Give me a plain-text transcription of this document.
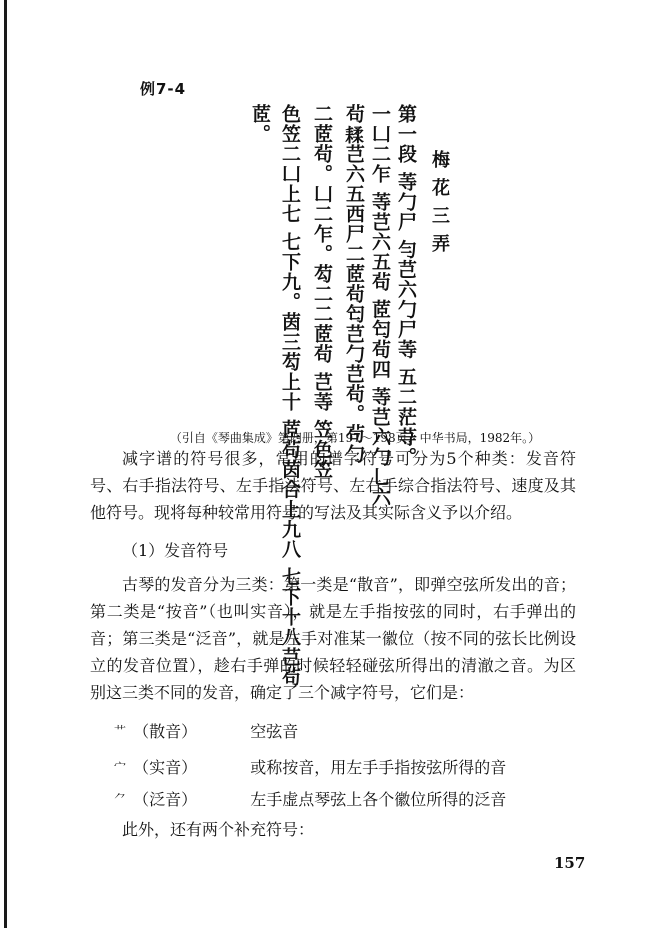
例7-4
梅花三弄
第一段 䓁勹尸 勻芑六勹尸䓁 五二茫䒭。
⼀⼐二乍 䓁芑六五茍 茝匄茍四 䓁芑六勹乚六
茍𦔇芑六五西尸二茝茍匄芑勹芑茍。茍勹
二茝茍。⼐二乍。芶二二茝茍 芑䓁 笠色笠
色笠二⼐上七 七下九。茵三芶上十 茝茍茵合上九八 七下十八芑茍
茝。

（引自《琴曲集成》第四册，第197～198页，中华书局，1982年。）

减字谱的符号很多，常用的谱字符号可分为5个种类：发音符号、右手指法符号、左手指法符号、左右手综合指法符号、速度及其他符号。现将每种较常用符号的写法及其实际含义予以介绍。

（1）发音符号

古琴的发音分为三类：第一类是“散音”，即弹空弦所发出的音；第二类是“按音”（也叫实音），就是左手指按弦的同时，右手弹出的音；第三类是“泛音”，就是左手对准某一徽位（按不同的弦长比例设立的发音位置），趁右手弹的时候轻轻碰弦所得出的清澈之音。为区别这三类不同的发音，确定了三个减字符号，它们是：

艹 （散音）	空弦音
⼧ （实音）	或称按音，用左手手指按弦所得的音
⺈ （泛音）	左手虚点琴弦上各个徽位所得的泛音

此外，还有两个补充符号：

157
